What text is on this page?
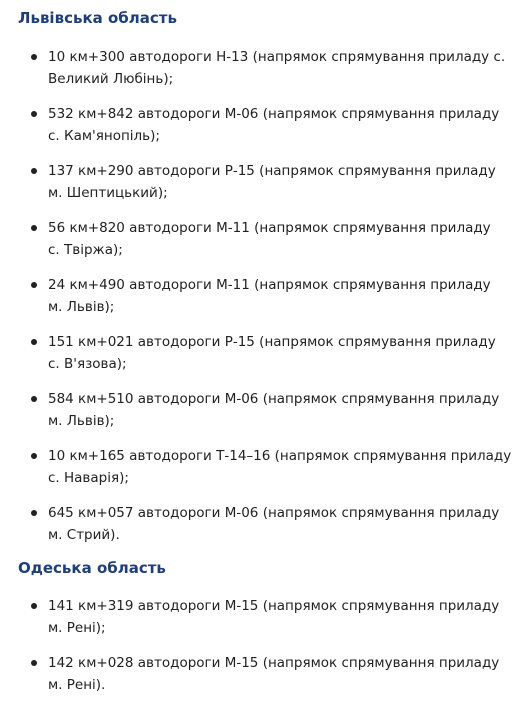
Львівська область
10 км+300 автодороги Н-13 (напрямок спрямування приладу с.
Великий Любінь);
532 км+842 автодороги М-06 (напрямок спрямування приладу
с. Кам'янопіль);
137 км+290 автодороги Р-15 (напрямок спрямування приладу
м. Шептицький);
56 км+820 автодороги М-11 (напрямок спрямування приладу
с. Твіржа);
24 км+490 автодороги М-11 (напрямок спрямування приладу
м. Львів);
151 км+021 автодороги Р-15 (напрямок спрямування приладу
с. В'язова);
584 км+510 автодороги М-06 (напрямок спрямування приладу
м. Львів);
10 км+165 автодороги Т-14–16 (напрямок спрямування приладу
с. Наварія);
645 км+057 автодороги М-06 (напрямок спрямування приладу
м. Стрий).
Одеська область
141 км+319 автодороги М-15 (напрямок спрямування приладу
м. Рені);
142 км+028 автодороги М-15 (напрямок спрямування приладу
м. Рені).
